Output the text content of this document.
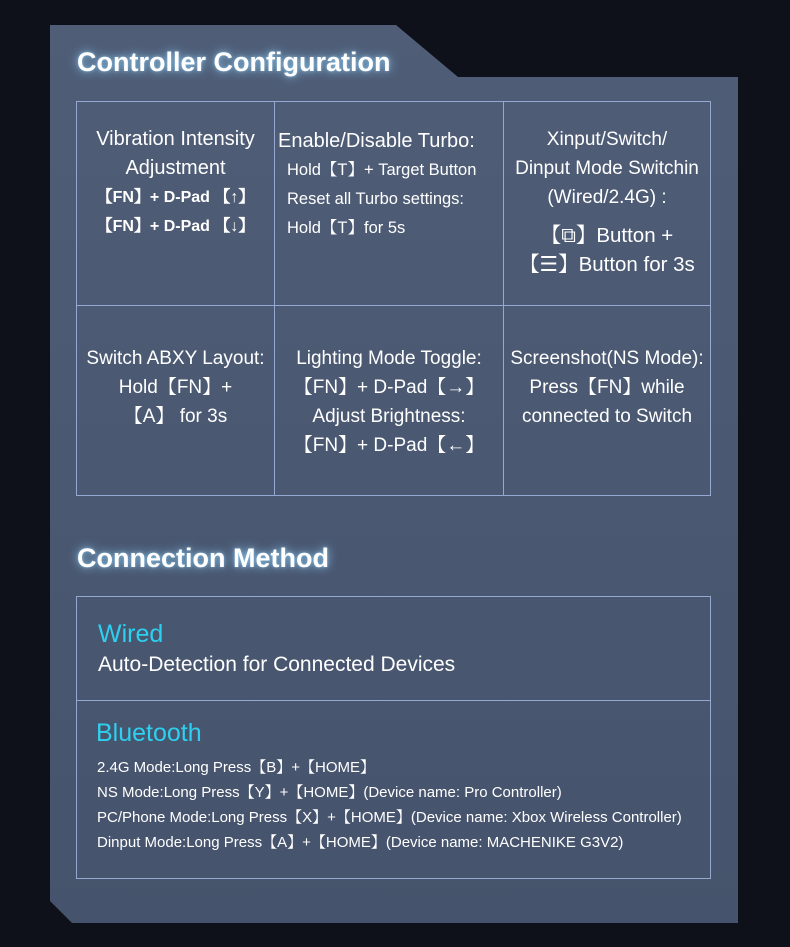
Controller Configuration
Vibration Intensity
Adjustment
【FN】+ D-Pad 【↑】
【FN】+ D-Pad 【↓】
Enable/Disable Turbo:
Hold【T】+ Target Button
Reset all Turbo settings:
Hold【T】for 5s
Xinput/Switch/
Dinput Mode Switchin
(Wired/2.4G) :
【⧉】Button +
【☰】Button for 3s
Switch ABXY Layout:
Hold【FN】+
【A】 for 3s
Lighting Mode Toggle:
【FN】+ D-Pad【→】
Adjust Brightness:
【FN】+ D-Pad【←】
Screenshot(NS Mode):
Press【FN】while
connected to Switch
Connection Method
Wired
Auto-Detection for Connected Devices
Bluetooth
2.4G Mode:Long Press【B】+【HOME】
NS Mode:Long Press【Y】+【HOME】(Device name: Pro Controller)
PC/Phone Mode:Long Press【X】+【HOME】(Device name: Xbox Wireless Controller)
Dinput Mode:Long Press【A】+【HOME】(Device name: MACHENIKE G3V2)
